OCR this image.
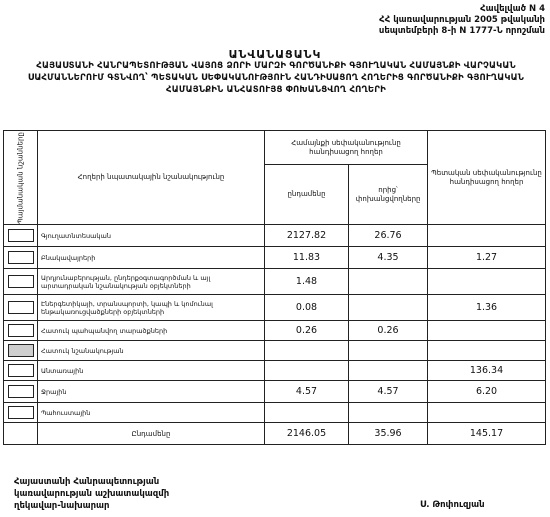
Հավելված N 4
ՀՀ կառավարության 2005 թվականի
սեպտեմբերի 8-ի N 1777-Ն որոշման
ԱՆՎԱՆԱՑԱՆԿ
ՀԱՅԱՍՏԱՆԻ ՀԱՆՐԱՊԵՏՈՒԹՅԱՆ ՎԱՅՈՑ ՁՈՐԻ ՄԱՐԶԻ ԳՈՐԾԱՆԻՔԻ ԳՅՈՒՂԱԿԱՆ ՀԱՄԱՅՆՔԻ ՎԱՐՉԱԿԱՆ ՍԱՀՄԱՆՆԵՐՈՒՄ ԳՏՆՎՈՂ՝ ՊԵՏԱԿԱՆ ՍԵՓԱԿԱՆՈՒԹՅՈՒՆ ՀԱՆԴԻՍԱՑՈՂ ՀՈՂԵՐԻՑ ԳՈՐԾԱՆԻՔԻ ԳՅՈՒՂԱԿԱՆ ՀԱՄԱՅՆՔԻՆ ԱՆՀԱՏՈՒՅՑ ՓՈԽԱՆՑՎՈՂ ՀՈՂԵՐԻ
Պայմանական նշանները	Հողերի նպատակային նշանակությունը	Համայնքի սեփականությունը հանդիսացող հողեր		Պետական սեփականությունը հանդիսացող հողեր
		ընդամենը	որից՝ փոխանցվողները	

	Գյուղատնտեսական	2127.82	26.76	

	Բնակավայրերի	11.83	4.35	1.27

	Արդյունաբերության, ընդերքօգտագործման և այլ արտադրական նշանակության օբյեկտների	1.48		

	Էներգետիկայի, տրանսպորտի, կապի և կոմունալ ենթակառուցվածքների օբյեկտների	0.08		1.36

	Հատուկ պահպանվող տարածքների	0.26	0.26	

	Հատուկ նշանակության			

	Անտառային			136.34

	Ջրային	4.57	4.57	6.20

	Պահուստային			
	Ընդամենը	2146.05	35.96	145.17
Հայաստանի Հանրապետության
կառավարության աշխատակազմի
ղեկավար-նախարար	Ս. Թոփուզյան
